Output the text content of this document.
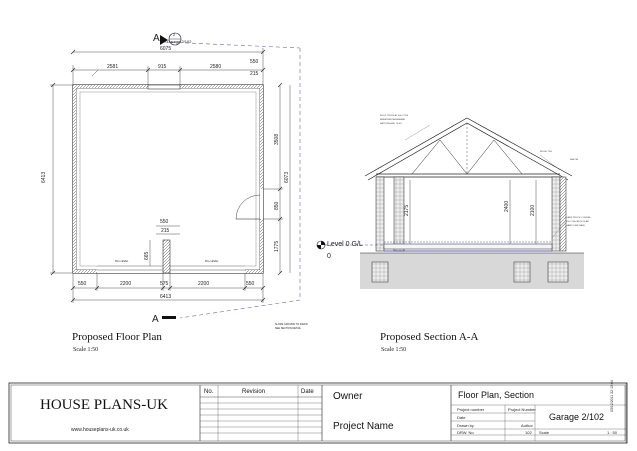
A	2
Garage 2/102
6075
550
2581	915	2580
215
6413
3508
850
1775
6073
550
215
665
550	2200	575	2200	550
6413
FILL LEVEL	FILL LEVEL
A	SLOPE GROUND TO DRAIN
SEE SECTION DETAIL
ROOF TRUSS AT 600 CTRS
BREATHER MEMBRANE
BATTENS AND TILES
RIDGE TILE
FASCIA
DAMP PROOF COURSE
150 CONCRETE SLAB
HARDCORE BASE
2175	2400	2100
Level 0 G/L
0
Proposed Floor Plan
Scale 1:50
Proposed Section A-A
Scale 1:50
HOUSE PLANS-UK
www.houseplans-uk.co.uk
No.	Revision	Date Owner
Project Name
Floor Plan, Section
Project number	Project Number
Date
Drawn by	Author
DRW. No	102 Scale	1 : 50
Garage 2/102
03/12/2011 22:13:04
